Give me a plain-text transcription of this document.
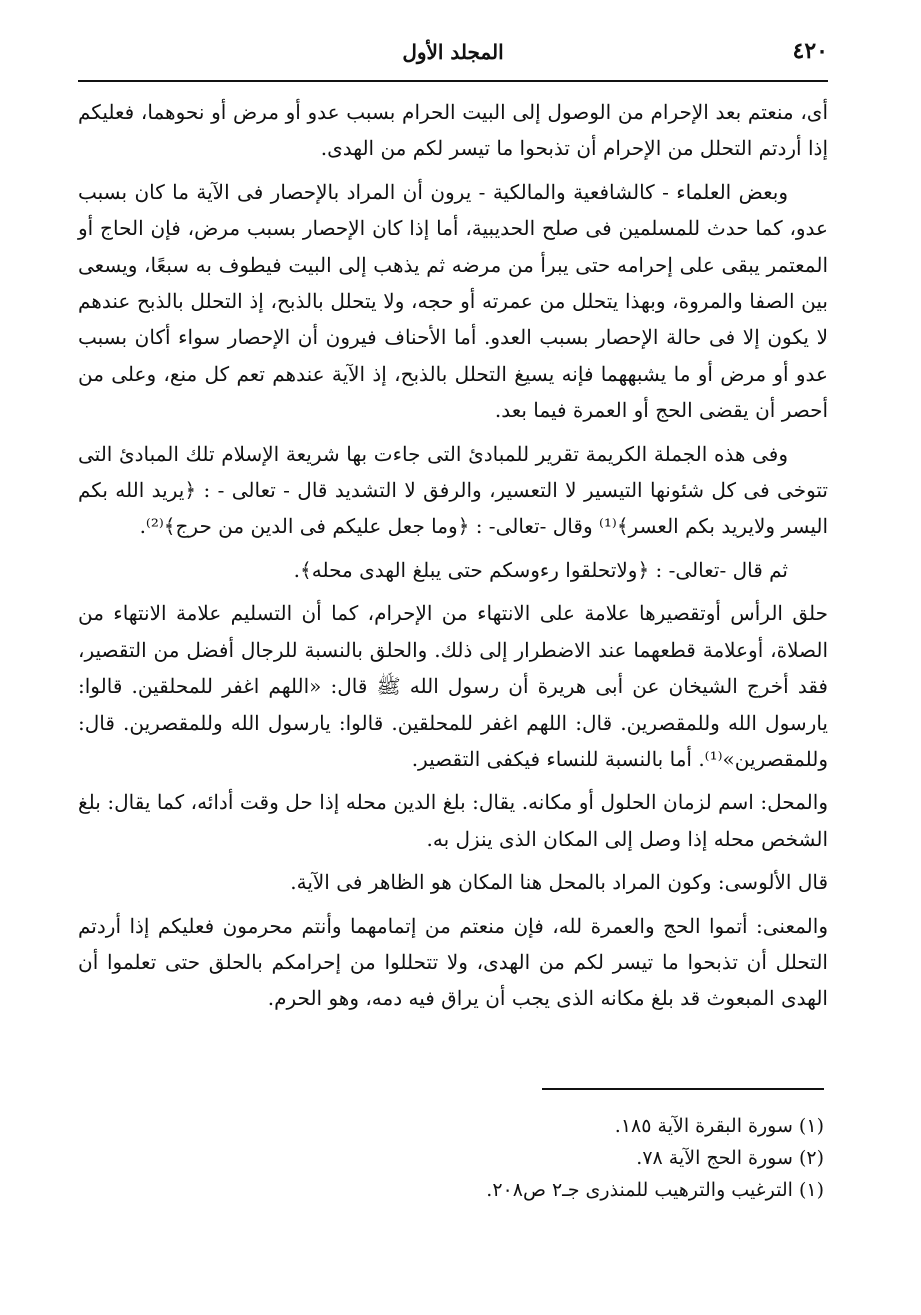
٤٢٠
المجلد الأول

أى، منعتم بعد الإحرام من الوصول إلى البيت الحرام بسبب عدو أو مرض أو نحوهما، فعليكم إذا أردتم التحلل من الإحرام أن تذبحوا ما تيسر لكم من الهدى.

وبعض العلماء - كالشافعية والمالكية - يرون أن المراد بالإحصار فى الآية ما كان بسبب عدو، كما حدث للمسلمين فى صلح الحديبية، أما إذا كان الإحصار بسبب مرض، فإن الحاج أو المعتمر يبقى على إحرامه حتى يبرأ من مرضه ثم يذهب إلى البيت فيطوف به سبعًا، ويسعى بين الصفا والمروة، وبهذا يتحلل من عمرته أو حجه، ولا يتحلل بالذبح، إذ التحلل بالذبح عندهم لا يكون إلا فى حالة الإحصار بسبب العدو. أما الأحناف فيرون أن الإحصار سواء أكان بسبب عدو أو مرض أو ما يشبههما فإنه يسيغ التحلل بالذبح، إذ الآية عندهم تعم كل منع، وعلى من أحصر أن يقضى الحج أو العمرة فيما بعد.

وفى هذه الجملة الكريمة تقرير للمبادئ التى جاءت بها شريعة الإسلام تلك المبادئ التى تتوخى فى كل شئونها التيسير لا التعسير، والرفق لا التشديد قال - تعالى - : ﴿يريد الله بكم اليسر ولايريد بكم العسر﴾⁽¹⁾ وقال -تعالى- : ﴿وما جعل عليكم فى الدين من حرج﴾⁽²⁾.

ثم قال -تعالى- : ﴿ولاتحلقوا رءوسكم حتى يبلغ الهدى محله﴾.

حلق الرأس أوتقصيرها علامة على الانتهاء من الإحرام، كما أن التسليم علامة الانتهاء من الصلاة، أوعلامة قطعهما عند الاضطرار إلى ذلك. والحلق بالنسبة للرجال أفضل من التقصير، فقد أخرج الشيخان عن أبى هريرة أن رسول الله ﷺ قال: «اللهم اغفر للمحلقين. قالوا: يارسول الله وللمقصرين. قال: اللهم اغفر للمحلقين. قالوا: يارسول الله وللمقصرين. قال: وللمقصرين»⁽¹⁾. أما بالنسبة للنساء فيكفى التقصير.

والمحل: اسم لزمان الحلول أو مكانه. يقال: بلغ الدين محله إذا حل وقت أدائه، كما يقال: بلغ الشخص محله إذا وصل إلى المكان الذى ينزل به.

قال الألوسى: وكون المراد بالمحل هنا المكان هو الظاهر فى الآية.

والمعنى: أتموا الحج والعمرة لله، فإن منعتم من إتمامهما وأنتم محرمون فعليكم إذا أردتم التحلل أن تذبحوا ما تيسر لكم من الهدى، ولا تتحللوا من إحرامكم بالحلق حتى تعلموا أن الهدى المبعوث قد بلغ مكانه الذى يجب أن يراق فيه دمه، وهو الحرم.

(١) سورة البقرة الآية ١٨٥.
(٢) سورة الحج الآية ٧٨.
(١) الترغيب والترهيب للمنذرى جـ٢ ص٢٠٨.
